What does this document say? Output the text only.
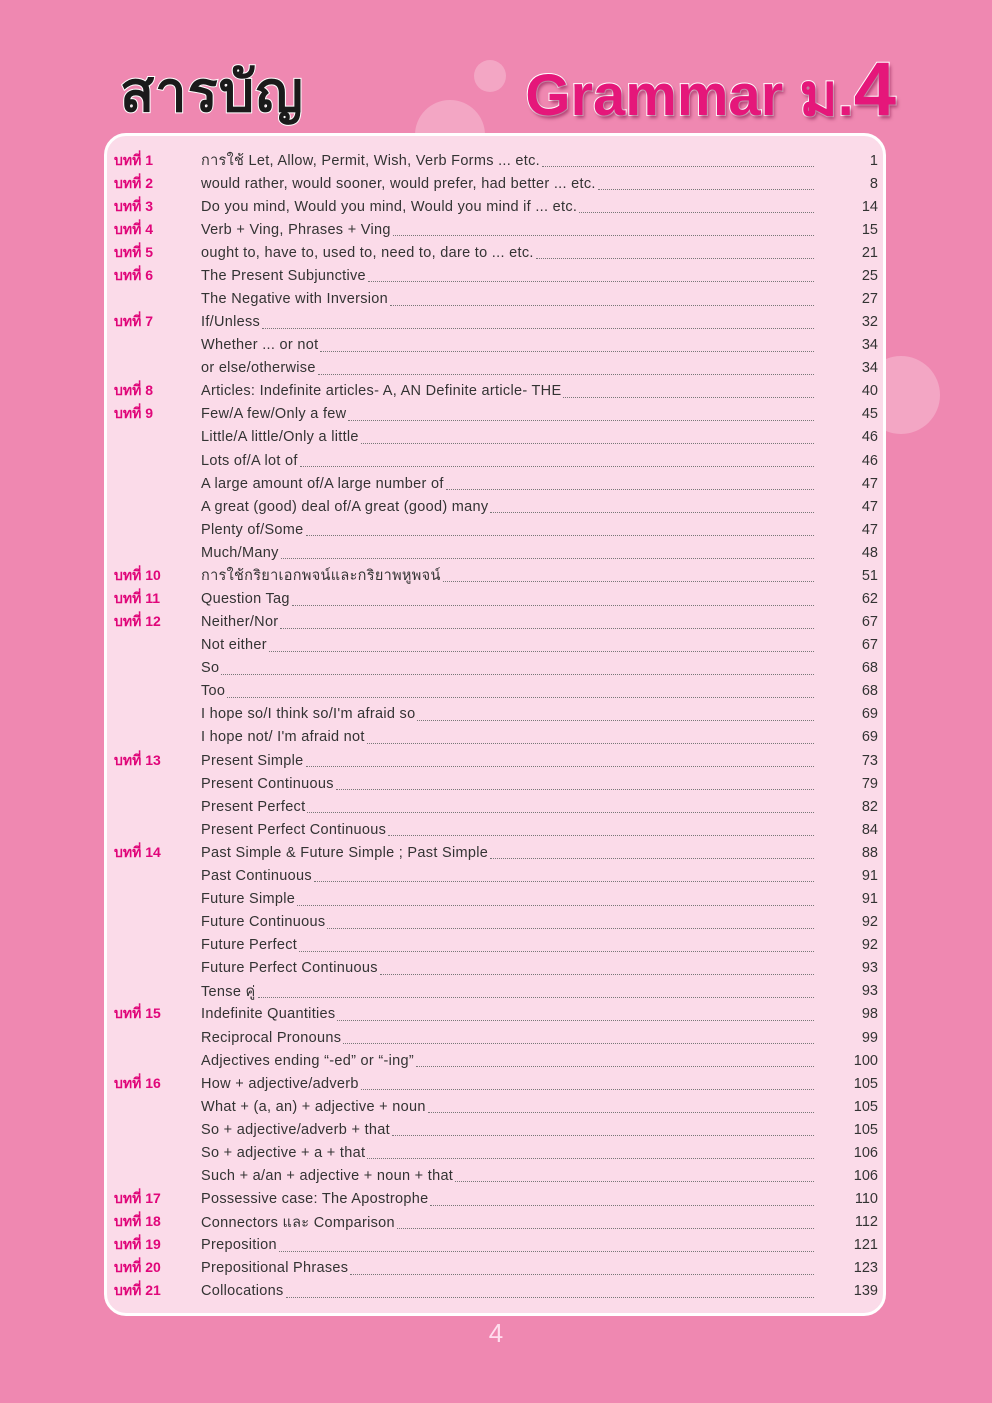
สารบัญ	Grammar ม.4
บทที่ 1	การใช้ Let, Allow, Permit, Wish, Verb Forms ... etc.	1
บทที่ 2	would rather, would sooner, would prefer, had better ... etc.	8
บทที่ 3	Do you mind, Would you mind, Would you mind if ... etc.	14
บทที่ 4	Verb + Ving, Phrases + Ving	15
บทที่ 5	ought to, have to, used to, need to, dare to ... etc.	21
บทที่ 6	The Present Subjunctive	25
The Negative with Inversion	27
บทที่ 7	If/Unless	32
Whether ... or not	34
or else/otherwise	34
บทที่ 8	Articles: Indefinite articles- A, AN Definite article- THE	40
บทที่ 9	Few/A few/Only a few	45
Little/A little/Only a little	46
Lots of/A lot of	46
A large amount of/A large number of	47
A great (good) deal of/A great (good) many	47
Plenty of/Some	47
Much/Many	48
บทที่ 10	การใช้กริยาเอกพจน์และกริยาพหูพจน์	51
บทที่ 11	Question Tag	62
บทที่ 12	Neither/Nor	67
Not either	67
So	68
Too	68
I hope so/I think so/I'm afraid so	69
I hope not/ I'm afraid not	69
บทที่ 13	Present Simple	73
Present Continuous	79
Present Perfect	82
Present Perfect Continuous	84
บทที่ 14	Past Simple & Future Simple ; Past Simple	88
Past Continuous	91
Future Simple	91
Future Continuous	92
Future Perfect	92
Future Perfect Continuous	93
Tense คู่	93
บทที่ 15	Indefinite Quantities	98
Reciprocal Pronouns	99
Adjectives ending “-ed” or “-ing”	100
บทที่ 16	How + adjective/adverb	105
What + (a, an) + adjective + noun	105
So + adjective/adverb + that	105
So + adjective + a + that	106
Such + a/an + adjective + noun + that	106
บทที่ 17	Possessive case: The Apostrophe	110
บทที่ 18	Connectors และ Comparison	112
บทที่ 19	Preposition	121
บทที่ 20	Prepositional Phrases	123
บทที่ 21	Collocations	139
4
